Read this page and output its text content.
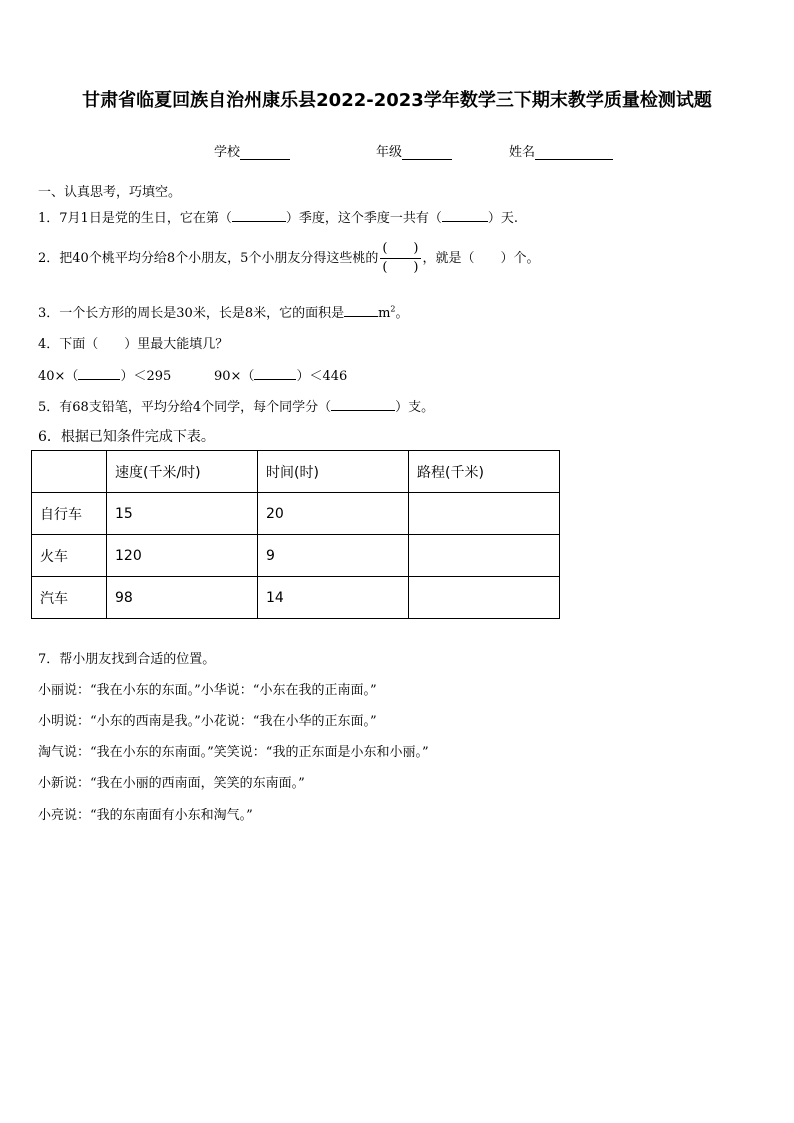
甘肃省临夏回族自治州康乐县2022-2023学年数学三下期末教学质量检测试题
学校	年级	姓名
一、认真思考，巧填空。
1．7月1日是党的生日，它在第（	）季度，这个季度一共有（	）天.
2．把40个桃平均分给8个小朋友，5个小朋友分得这些桃的 $\frac{( )}{( )}$ ，就是（　　）个。
3．一个长方形的周长是30米，长是8米，它的面积是	$m^2$。
4．下面（　　）里最大能填几？
40×（	）＜295	90×（	）＜446
5．有68支铅笔，平均分给4个同学，每个同学分（	）支。
6．根据已知条件完成下表。
	速度(千米/时)	时间(时)	路程(千米)
自行车	15	20	
火车	120	9	
汽车	98	14	
7．帮小朋友找到合适的位置。
小丽说：“我在小东的东面。”小华说：“小东在我的正南面。”
小明说：“小东的西南是我。”小花说：“我在小华的正东面。”
淘气说：“我在小东的东南面。”笑笑说：“我的正东面是小东和小丽。”
小新说：“我在小丽的西南面，笑笑的东南面。”
小亮说：“我的东南面有小东和淘气。”
